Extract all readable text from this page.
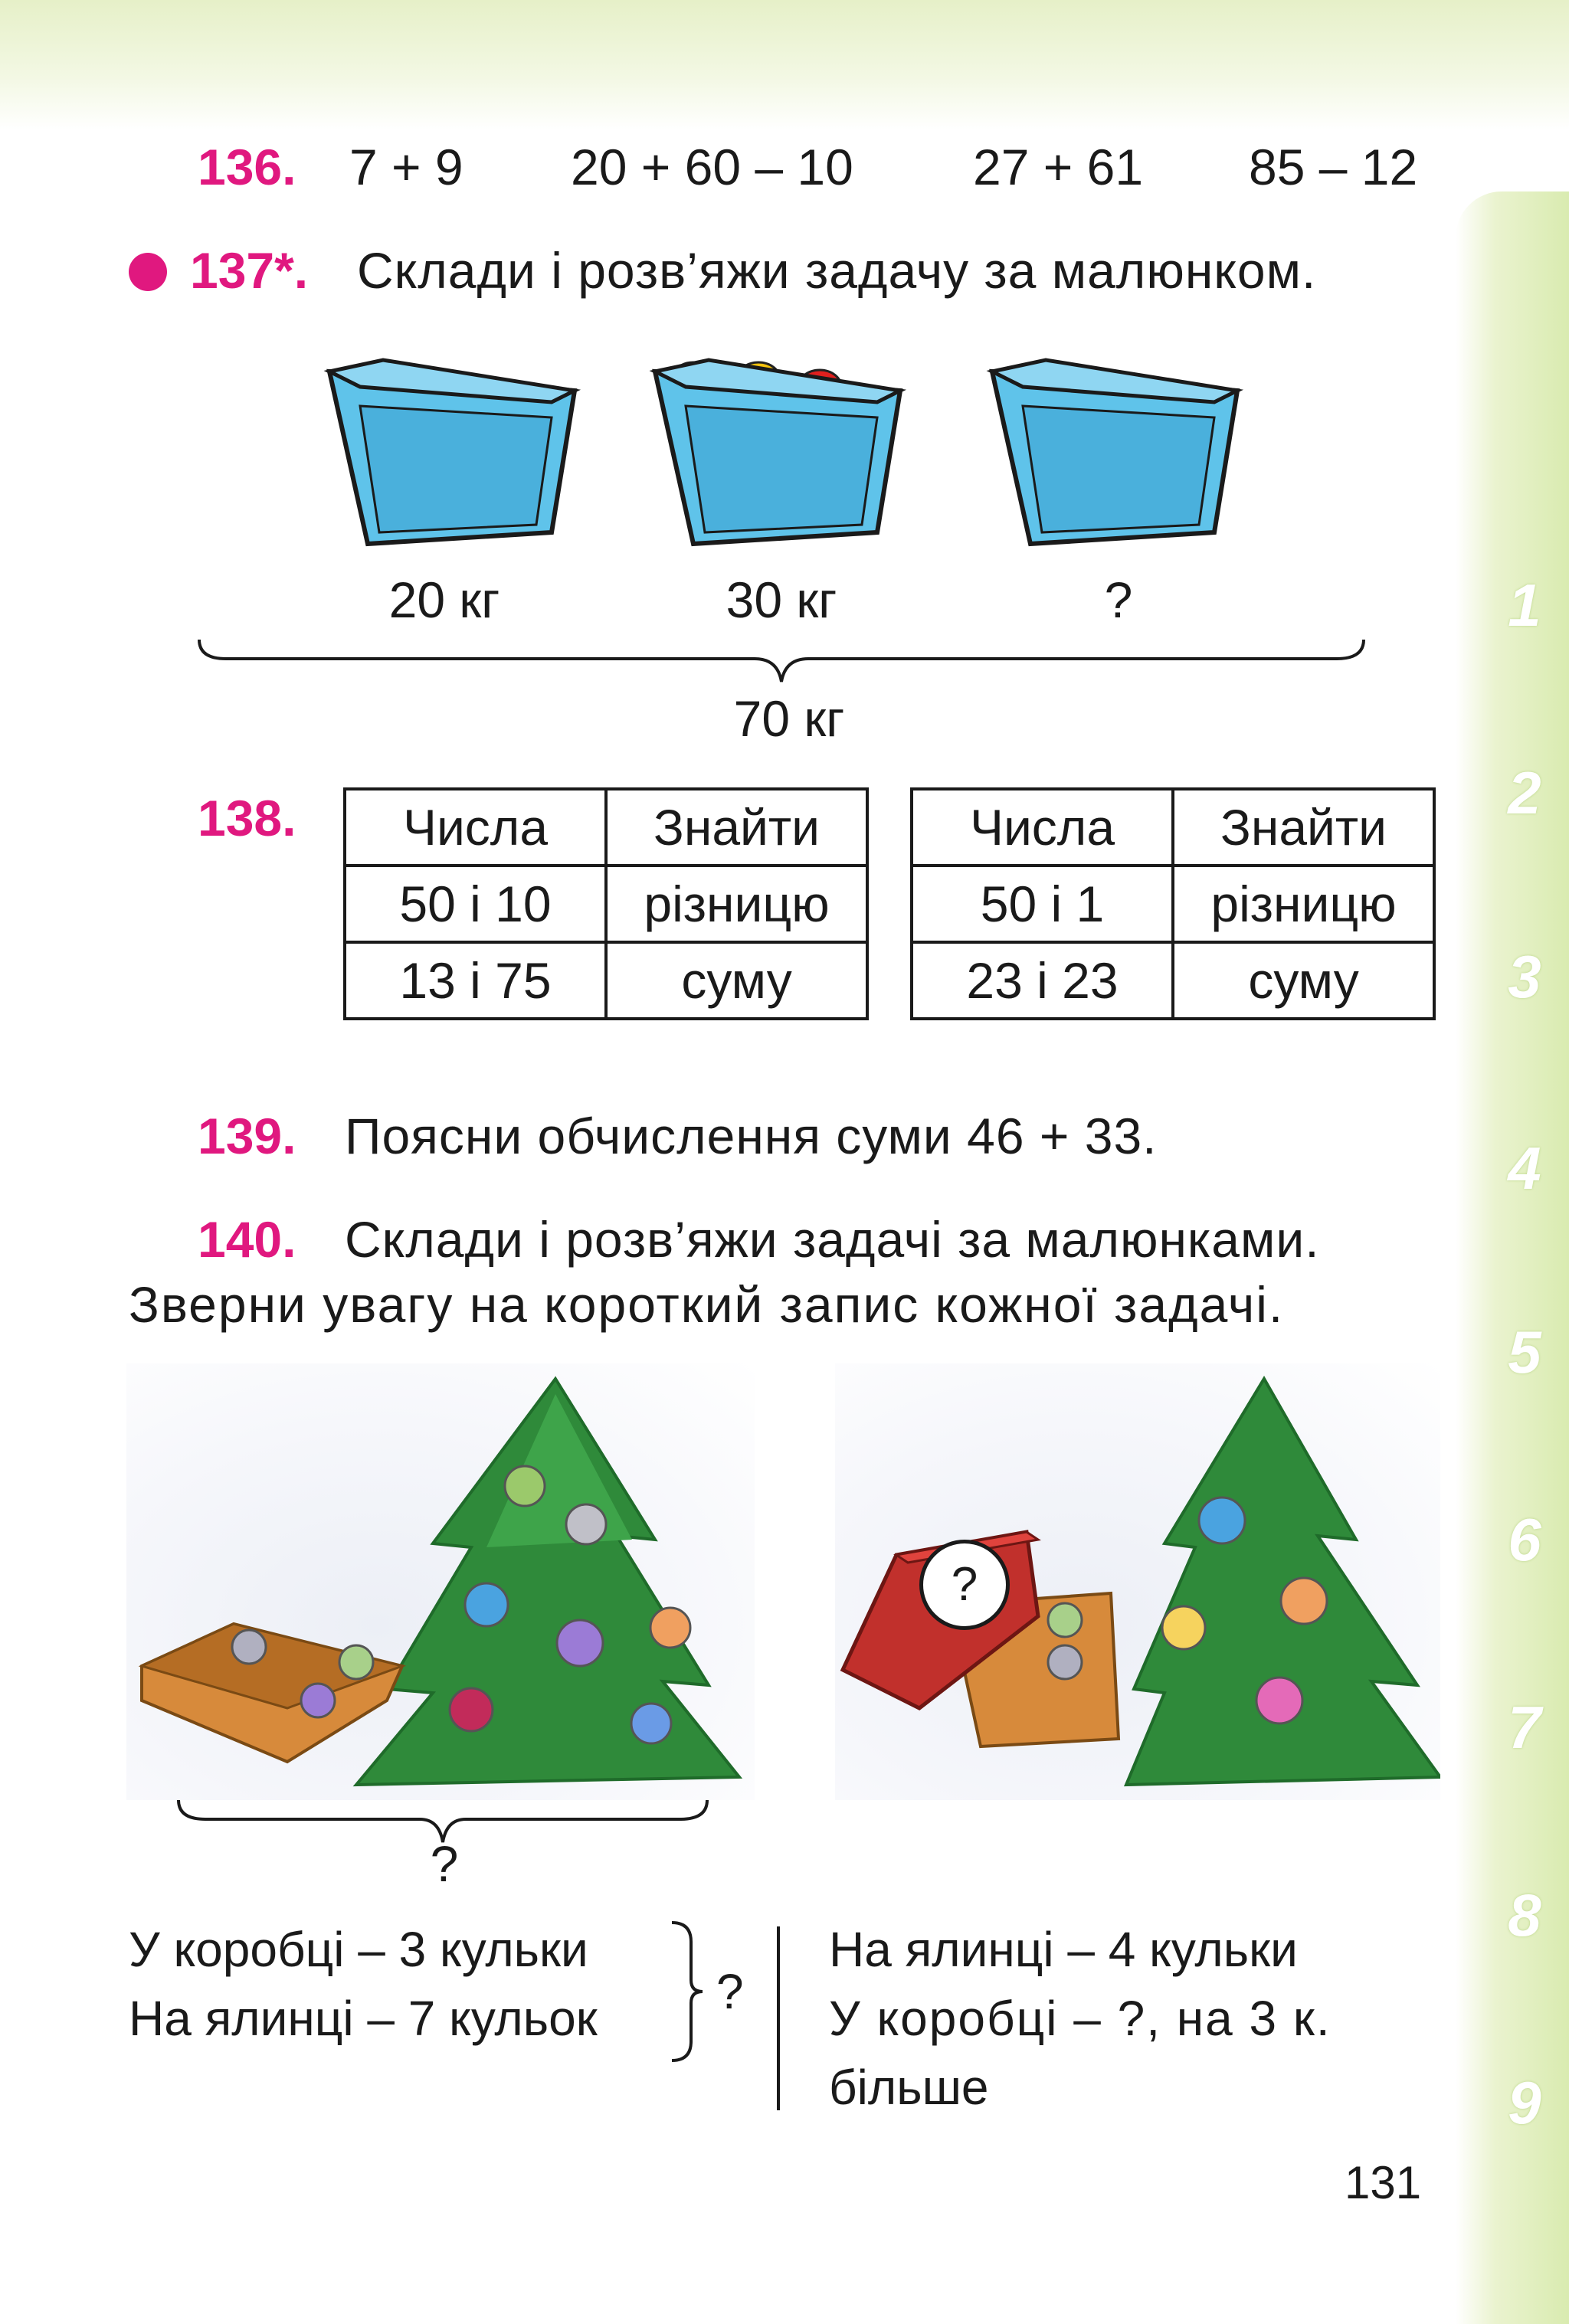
1
2
3
4
5
6
7
8
9
136. 7 + 9 20 + 60 – 10 27 + 61 85 – 12
137*. Склади і розв’яжи задачу за малюнком.
20 кг	30 кг	?
70 кг
138. Числа	Знайти
50 і 10	різницю
13 і 75	суму
Числа	Знайти
50 і 1	різницю
23 і 23	суму
139. Поясни обчислення суми 46 + 33.
140. Склади і розв’яжи задачі за малюнками.
Зверни увагу на короткий запис кожної задачі.
?
?
У коробці – 3 кульки
На ялинці – 7 кульок ?
На ялинці – 4 кульки
У коробці – ?, на 3 к.
більше
131
